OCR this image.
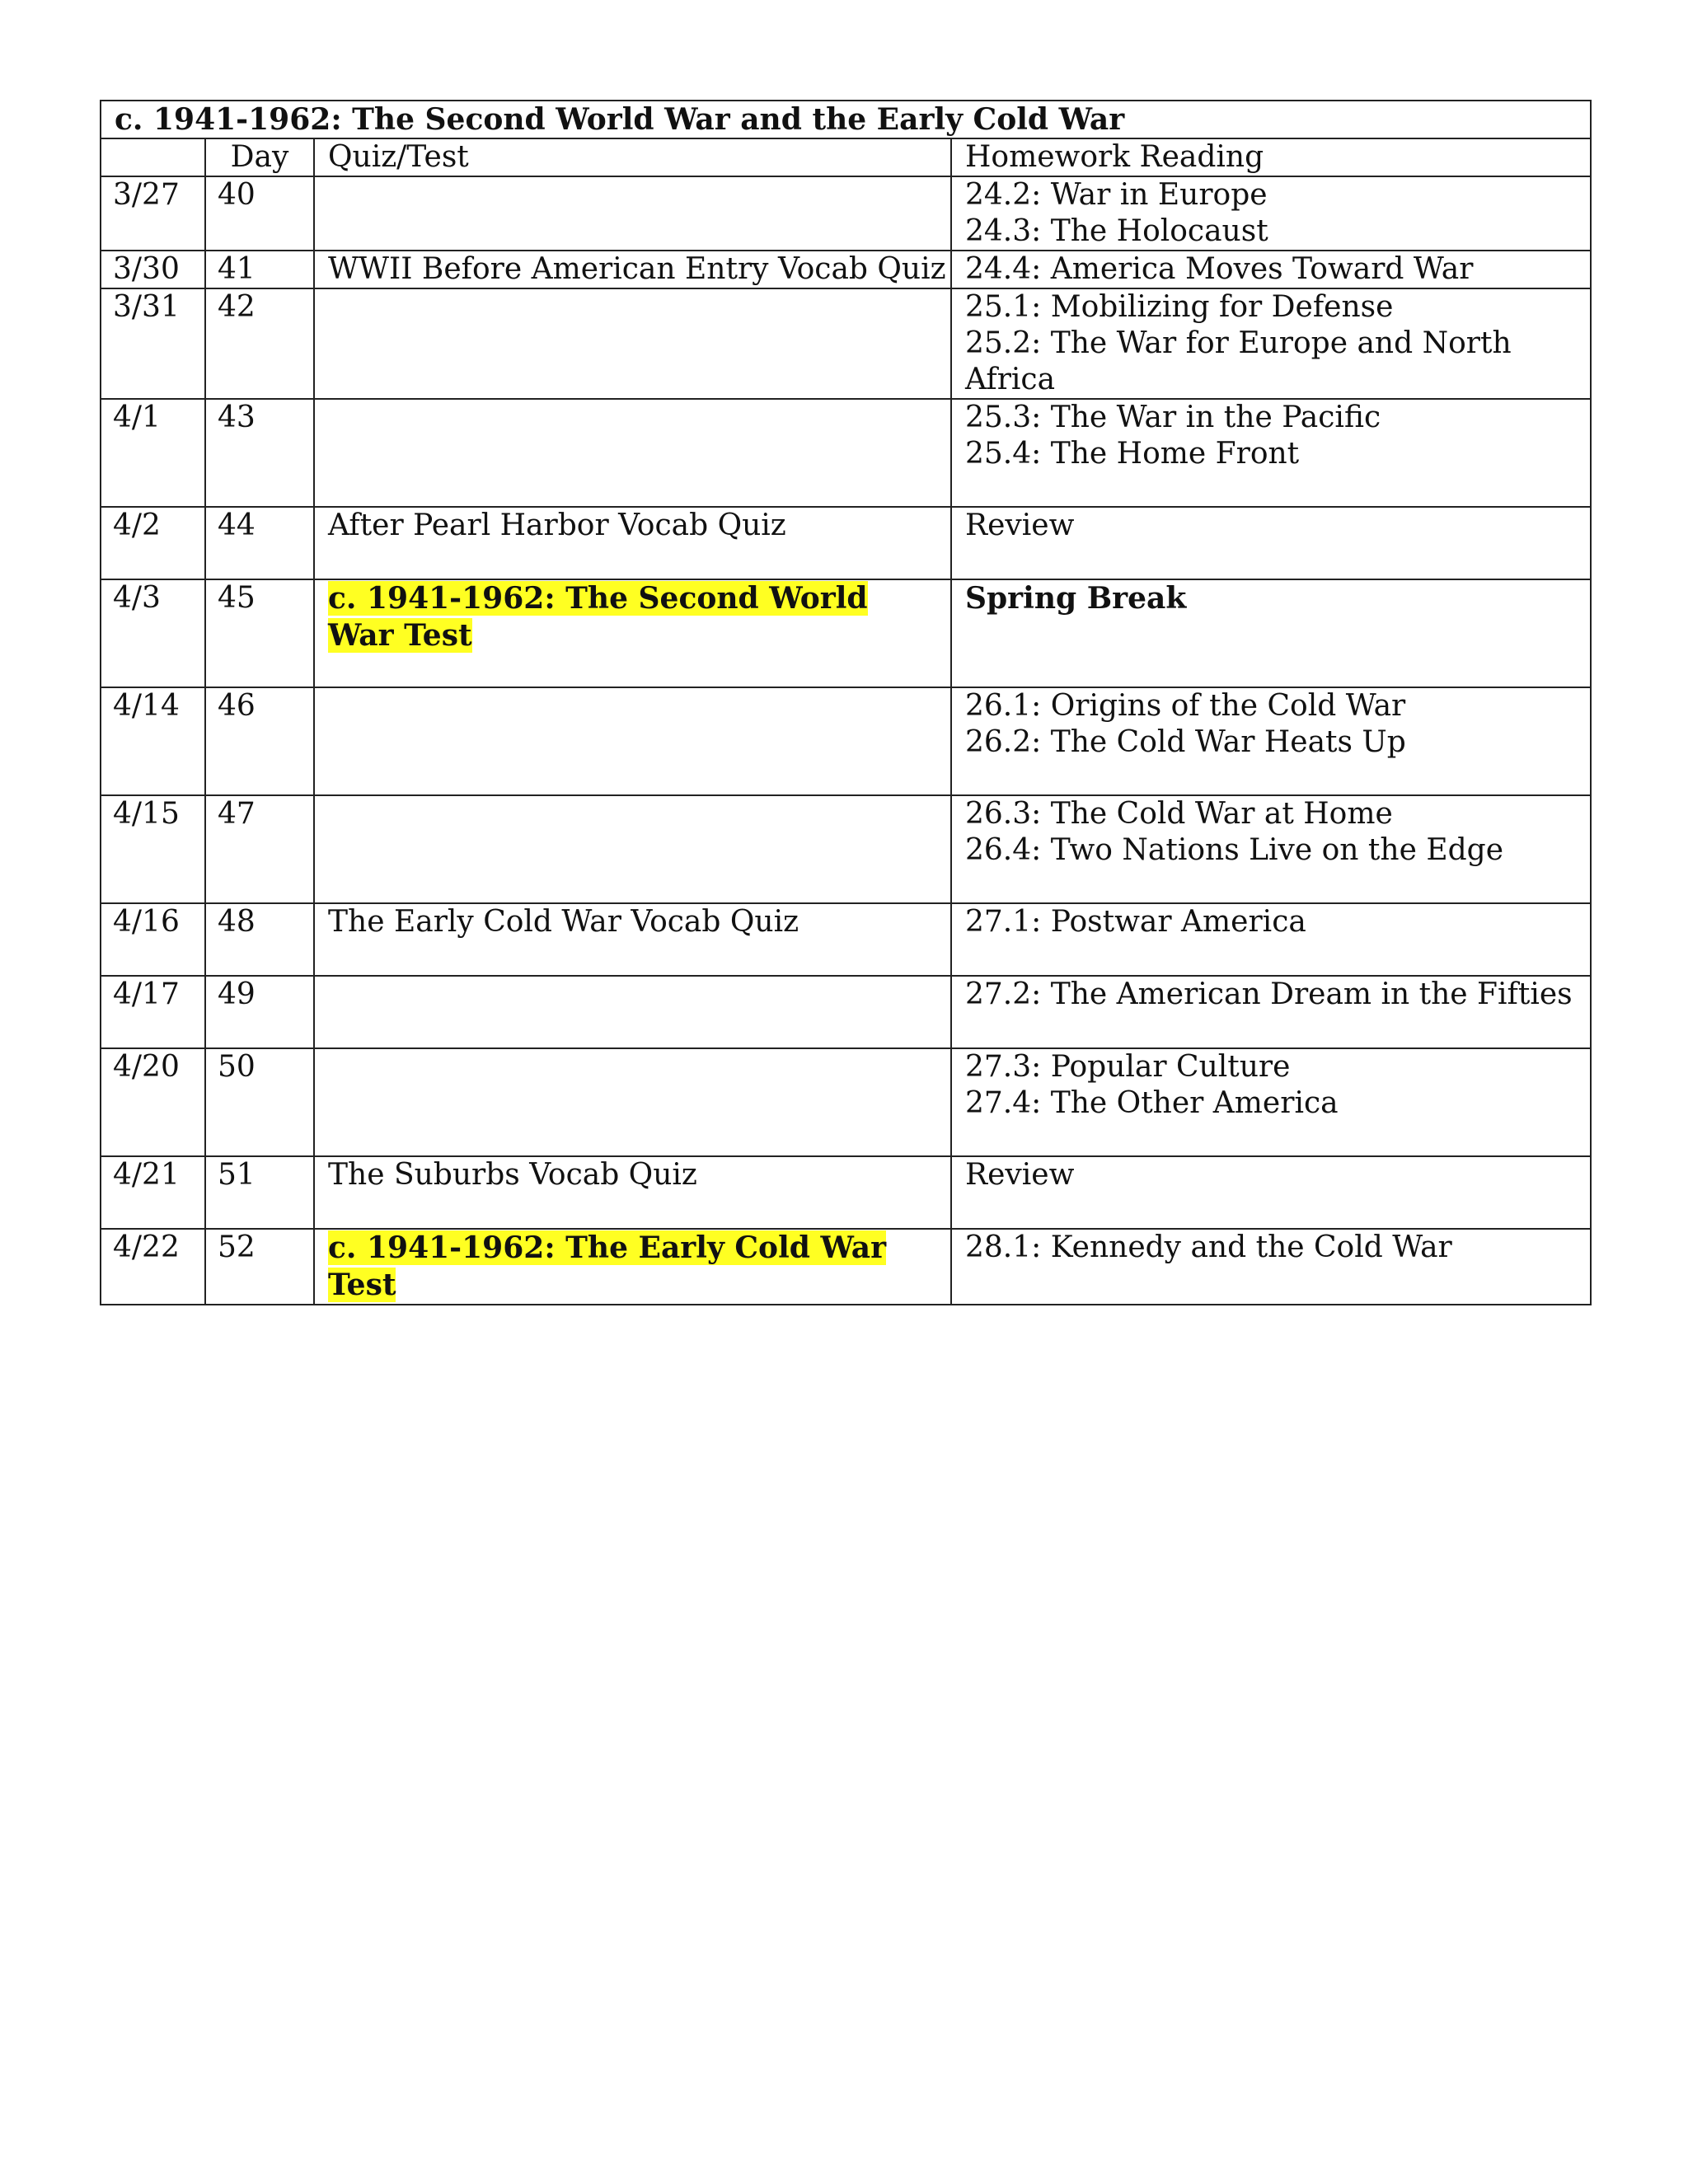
c. 1941-1962: The Second World War and the Early Cold War			
	Day	Quiz/Test	Homework Reading
3/27	40		24.2: War in Europe
24.3: The Holocaust

3/30	41	WWII Before American Entry Vocab Quiz	24.4: America Moves Toward War

3/31	42		25.1: Mobilizing for Defense
25.2: The War for Europe and North Africa

4/1	43		25.3: The War in the Pacific
25.4: The Home Front

4/2	44	After Pearl Harbor Vocab Quiz	Review

4/3	45	c. 1941-1962: The Second World War Test	Spring Break

4/14	46		26.1: Origins of the Cold War
26.2: The Cold War Heats Up

4/15	47		26.3: The Cold War at Home
26.4: Two Nations Live on the Edge

4/16	48	The Early Cold War Vocab Quiz	27.1: Postwar America

4/17	49		27.2: The American Dream in the Fifties

4/20	50		27.3: Popular Culture
27.4: The Other America

4/21	51	The Suburbs Vocab Quiz	Review

4/22	52	c. 1941-1962: The Early Cold War Test	28.1: Kennedy and the Cold War
